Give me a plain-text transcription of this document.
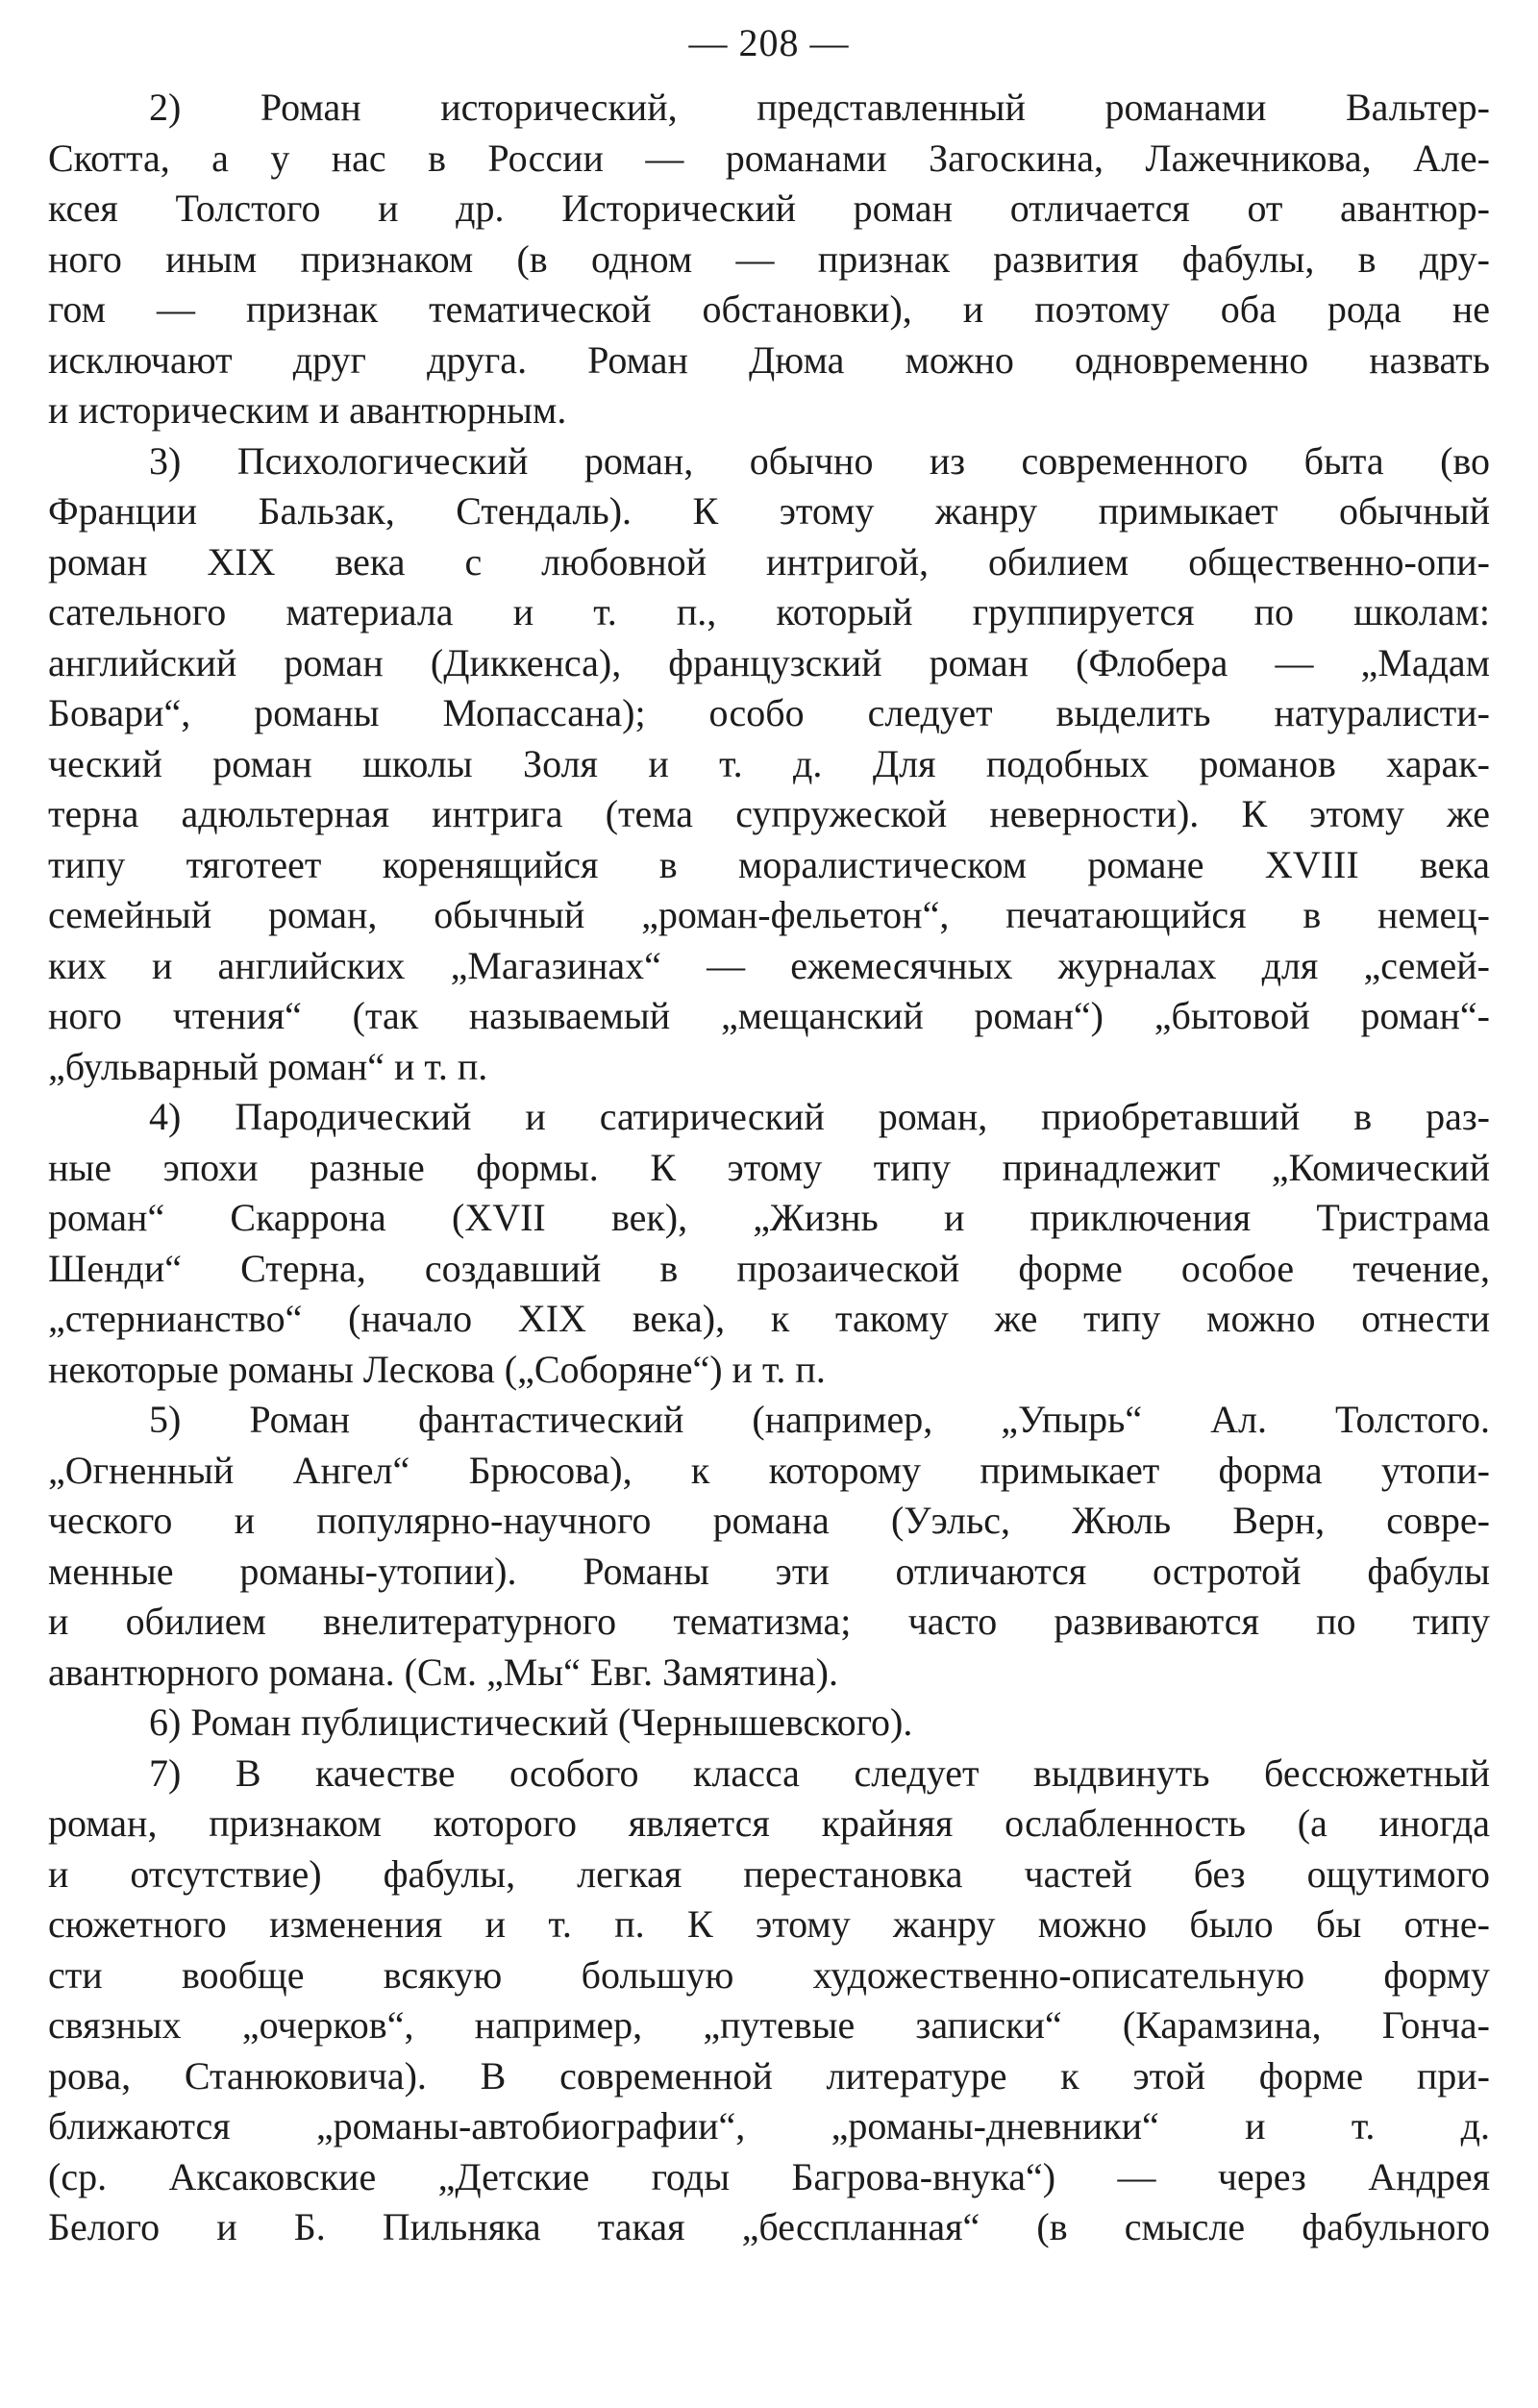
— 208 —
2) Роман исторический, представленный романами Вальтер-
Скотта, а у нас в России — романами Загоскина, Лажечникова, Але-
ксея Толстого и др. Исторический роман отличается от авантюр-
ного иным признаком (в одном — признак развития фабулы, в дру-
гом — признак тематической обстановки), и поэтому оба рода не
исключают друг друга. Роман Дюма можно одновременно назвать
и историческим и авантюрным.
3) Психологический роман, обычно из современного быта (во
Франции Бальзак, Стендаль). К этому жанру примыкает обычный
роман XIX века с любовной интригой, обилием общественно-опи-
сательного материала и т. п., который группируется по школам:
английский роман (Диккенса), французский роман (Флобера — „Мадам
Бовари“, романы Мопассана); особо следует выделить натуралисти-
ческий роман школы Золя и т. д. Для подобных романов харак-
терна адюльтерная интрига (тема супружеской неверности). К этому же
типу тяготеет коренящийся в моралистическом романе XVIII века
семейный роман, обычный „роман-фельетон“, печатающийся в немец-
ких и английских „Магазинах“ — ежемесячных журналах для „семей-
ного чтения“ (так называемый „мещанский роман“) „бытовой роман“-
„бульварный роман“ и т. п.
4) Пародический и сатирический роман, приобретавший в раз-
ные эпохи разные формы. К этому типу принадлежит „Комический
роман“ Скаррона (XVII век), „Жизнь и приключения Тристрама
Шенди“ Стерна, создавший в прозаической форме особое течение,
„стернианство“ (начало XIX века), к такому же типу можно отнести
некоторые романы Лескова („Соборяне“) и т. п.
5) Роман фантастический (например, „Упырь“ Ал. Толстого.
„Огненный Ангел“ Брюсова), к которому примыкает форма утопи-
ческого и популярно-научного романа (Уэльс, Жюль Верн, совре-
менные романы-утопии). Романы эти отличаются остротой фабулы
и обилием внелитературного тематизма; часто развиваются по типу
авантюрного романа. (См. „Мы“ Евг. Замятина).
6) Роман публицистический (Чернышевского).
7) В качестве особого класса следует выдвинуть бессюжетный
роман, признаком которого является крайняя ослабленность (а иногда
и отсутствие) фабулы, легкая перестановка частей без ощутимого
сюжетного изменения и т. п. К этому жанру можно было бы отне-
сти вообще всякую большую художественно-описательную форму
связных „очерков“, например, „путевые записки“ (Карамзина, Гонча-
рова, Станюковича). В современной литературе к этой форме при-
ближаются „романы-автобиографии“, „романы-дневники“ и т. д.
(ср. Аксаковские „Детские годы Багрова-внука“) — через Андрея
Белого и Б. Пильняка такая „бесспланная“ (в смысле фабульного
